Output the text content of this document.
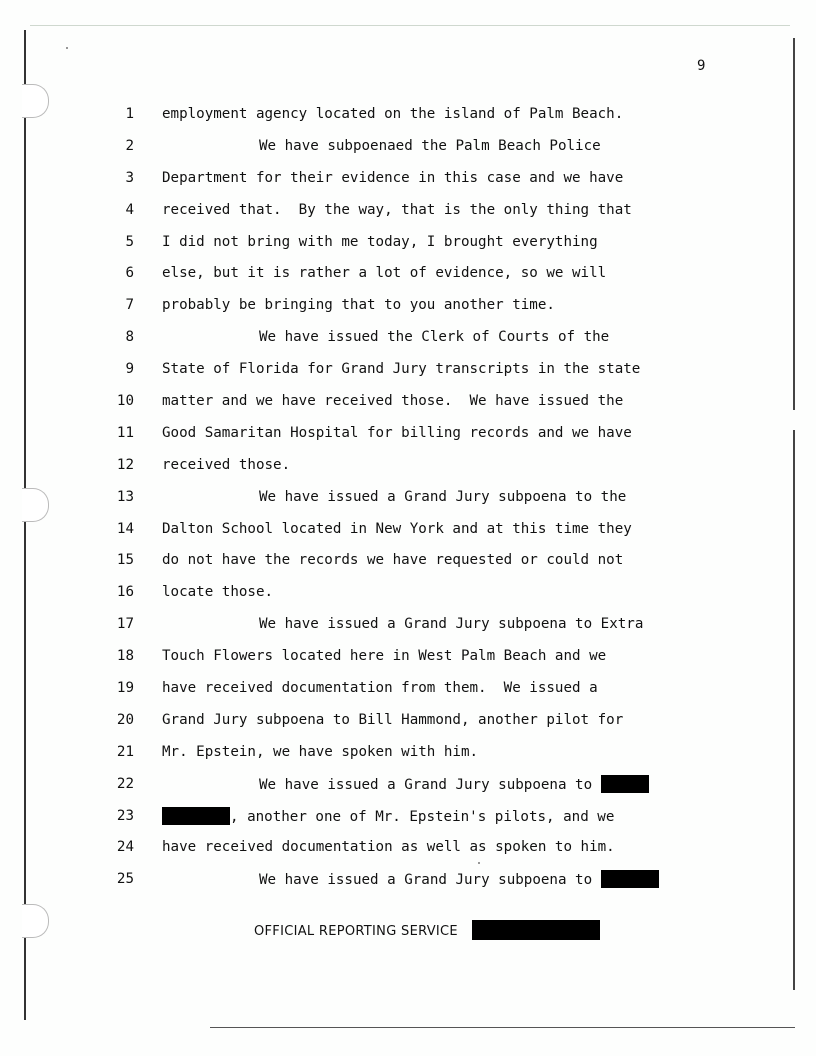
9
1 employment agency located on the island of Palm Beach.
2	We have subpoenaed the Palm Beach Police
3 Department for their evidence in this case and we have
4 received that.  By the way, that is the only thing that
5 I did not bring with me today, I brought everything
6 else, but it is rather a lot of evidence, so we will
7 probably be bringing that to you another time.
8	We have issued the Clerk of Courts of the
9 State of Florida for Grand Jury transcripts in the state
10 matter and we have received those.  We have issued the
11 Good Samaritan Hospital for billing records and we have
12 received those.
13	We have issued a Grand Jury subpoena to the
14 Dalton School located in New York and at this time they
15 do not have the records we have requested or could not
16 locate those.
17	We have issued a Grand Jury subpoena to Extra
18 Touch Flowers located here in West Palm Beach and we
19 have received documentation from them.  We issued a
20 Grand Jury subpoena to Bill Hammond, another pilot for
21 Mr. Epstein, we have spoken with him.
22	We have issued a Grand Jury subpoena to
23	, another one of Mr. Epstein's pilots, and we
24 have received documentation as well as spoken to him.
25	We have issued a Grand Jury subpoena to
OFFICIAL REPORTING SERVICE
